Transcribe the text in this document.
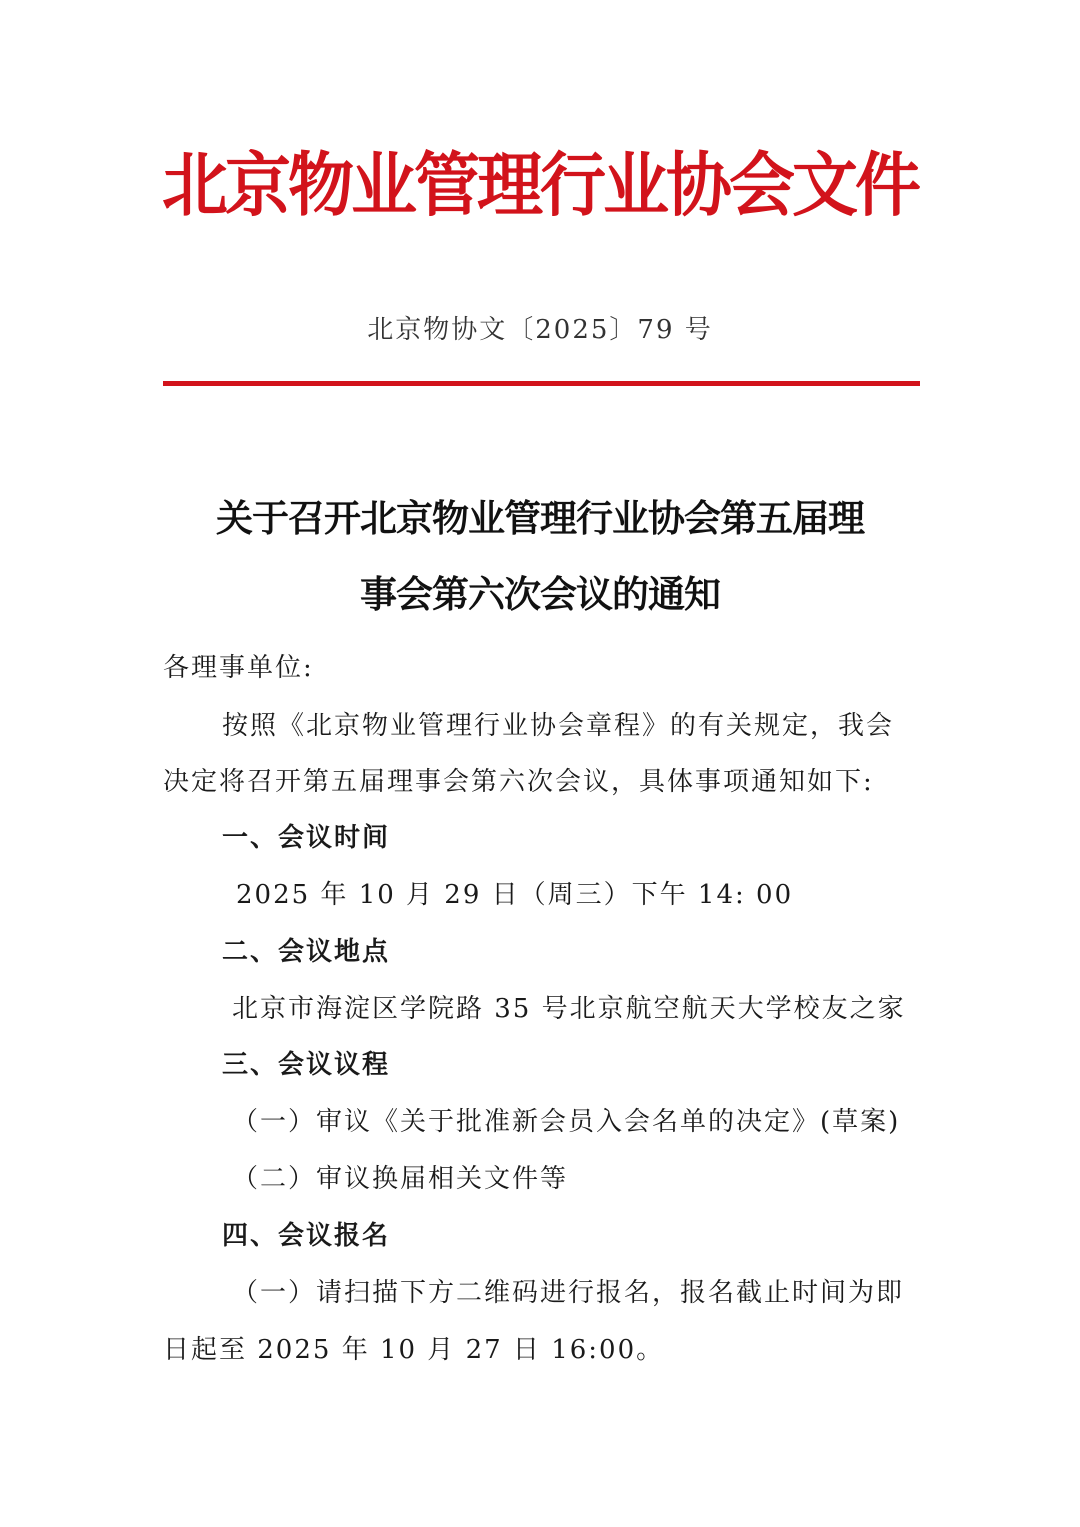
北京物业管理行业协会文件
北京物协文〔2025〕79 号
关于召开北京物业管理行业协会第五届理
事会第六次会议的通知
各理事单位:
按照《北京物业管理行业协会章程》的有关规定，我会
决定将召开第五届理事会第六次会议，具体事项通知如下:
一、会议时间
2025 年 10 月 29 日（周三）下午 14: 00
二、会议地点
北京市海淀区学院路 35 号北京航空航天大学校友之家
三、会议议程
（一）审议《关于批准新会员入会名单的决定》(草案)
（二）审议换届相关文件等
四、会议报名
（一）请扫描下方二维码进行报名，报名截止时间为即
日起至 2025 年 10 月 27 日 16:00。
